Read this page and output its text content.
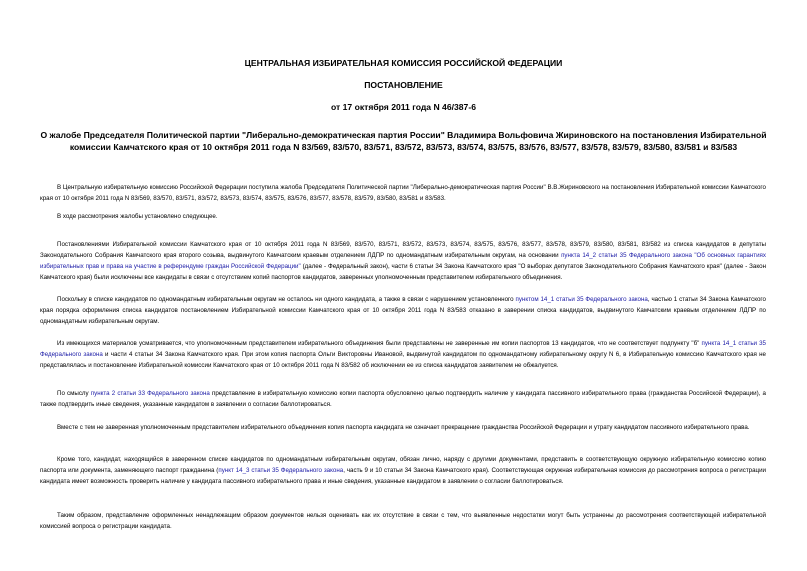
ЦЕНТРАЛЬНАЯ ИЗБИРАТЕЛЬНАЯ КОМИССИЯ РОССИЙСКОЙ ФЕДЕРАЦИИ
ПОСТАНОВЛЕНИЕ
от 17 октября 2011 года N 46/387-6
О жалобе Председателя Политической партии "Либерально-демократическая партия России" Владимира Вольфовича Жириновского на постановления Избирательной комиссии Камчатского края от 10 октября 2011 года N 83/569, 83/570, 83/571, 83/572, 83/573, 83/574, 83/575, 83/576, 83/577, 83/578, 83/579, 83/580, 83/581 и 83/583

В Центральную избирательную комиссию Российской Федерации поступила жалоба Председателя Политической партии "Либерально-демократическая партия России" В.В.Жириновского на постановления Избирательной комиссии Камчатского края от 10 октября 2011 года N 83/569, 83/570, 83/571, 83/572, 83/573, 83/574, 83/575, 83/576, 83/577, 83/578, 83/579, 83/580, 83/581 и 83/583.

В ходе рассмотрения жалобы установлено следующее.

Постановлениями Избирательной комиссии Камчатского края от 10 октября 2011 года N 83/569, 83/570, 83/571, 83/572, 83/573, 83/574, 83/575, 83/576, 83/577, 83/578, 83/579, 83/580, 83/581, 83/582 из списка кандидатов в депутаты Законодательного Собрания Камчатского края второго созыва, выдвинутого Камчатским краевым отделением ЛДПР по одномандатным избирательным округам, на основании пункта 14_2 статьи 35 Федерального закона "Об основных гарантиях избирательных прав и права на участие в референдуме граждан Российской Федерации" (далее - Федеральный закон), части 6 статьи 34 Закона Камчатского края "О выборах депутатов Законодательного Собрания Камчатского края" (далее - Закон Камчатского края) были исключены все кандидаты в связи с отсутствием копий паспортов кандидатов, заверенных уполномоченным представителем избирательного объединения.

Поскольку в списке кандидатов по одномандатным избирательным округам не осталось ни одного кандидата, а также в связи с нарушением установленного пунктом 14_1 статьи 35 Федерального закона, частью 1 статьи 34 Закона Камчатского края порядка оформления списка кандидатов постановлением Избирательной комиссии Камчатского края от 10 октября 2011 года N 83/583 отказано в заверении списка кандидатов, выдвинутого Камчатским краевым отделением ЛДПР по одномандатным избирательным округам.

Из имеющихся материалов усматривается, что уполномоченным представителем избирательного объединения были представлены не заверенные им копии паспортов 13 кандидатов, что не соответствует подпункту "б" пункта 14_1 статьи 35 Федерального закона и части 4 статьи 34 Закона Камчатского края. При этом копия паспорта Ольги Викторовны Ивановой, выдвинутой кандидатом по одномандатному избирательному округу N 6, в Избирательную комиссию Камчатского края не представлялась и постановление Избирательной комиссии Камчатского края от 10 октября 2011 года N 83/582 об исключении ее из списка кандидатов заявителем не обжалуется.

По смыслу пункта 2 статьи 33 Федерального закона представление в избирательную комиссию копии паспорта обусловлено целью подтвердить наличие у кандидата пассивного избирательного права (гражданства Российской Федерации), а также подтвердить иные сведения, указанные кандидатом в заявлении о согласии баллотироваться.

Вместе с тем не заверенная уполномоченным представителем избирательного объединения копия паспорта кандидата не означает прекращение гражданства Российской Федерации и утрату кандидатом пассивного избирательного права.

Кроме того, кандидат, находящийся в заверенном списке кандидатов по одномандатным избирательным округам, обязан лично, наряду с другими документами, представить в соответствующую окружную избирательную комиссию копию паспорта или документа, заменяющего паспорт гражданина (пункт 14_3 статьи 35 Федерального закона, часть 9 и 10 статьи 34 Закона Камчатского края). Соответствующая окружная избирательная комиссия до рассмотрения вопроса о регистрации кандидата имеет возможность проверить наличие у кандидата пассивного избирательного права и иные сведения, указанные кандидатом в заявлении о согласии баллотироваться.

Таким образом, представление оформленных ненадлежащим образом документов нельзя оценивать как их отсутствие в связи с тем, что выявленные недостатки могут быть устранены до рассмотрения соответствующей избирательной комиссией вопроса о регистрации кандидата.
